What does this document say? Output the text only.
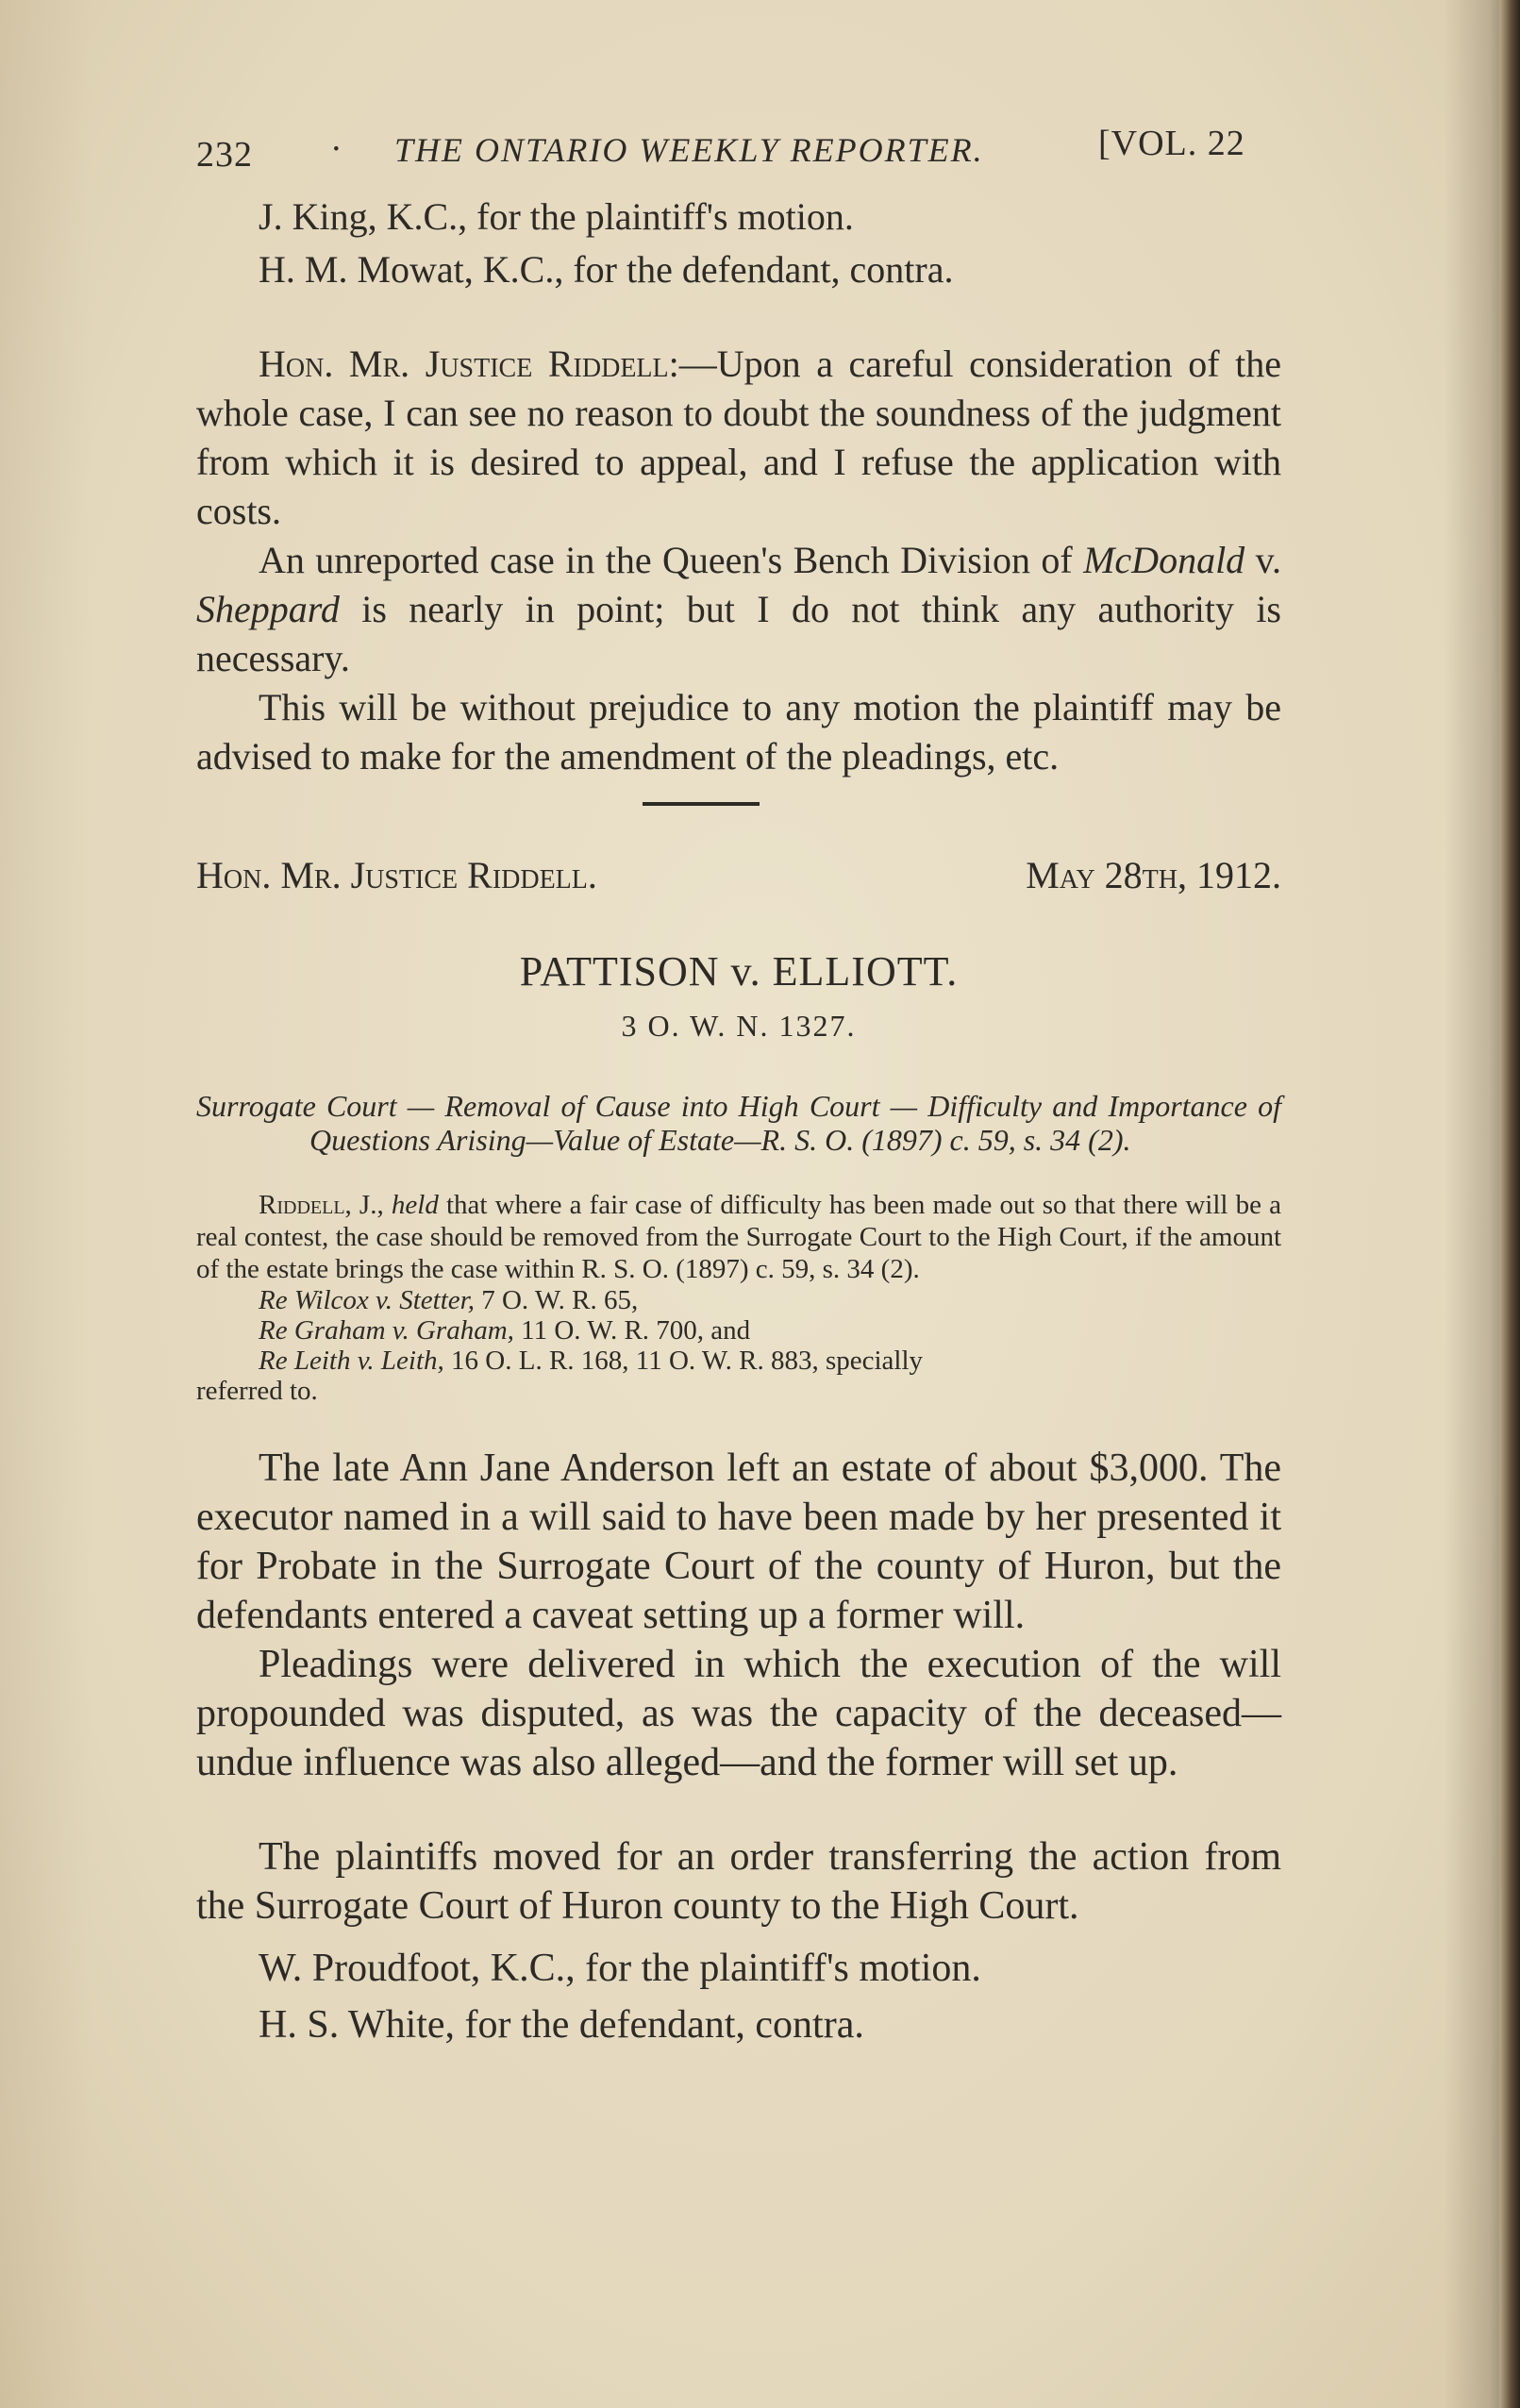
232 · THE ONTARIO WEEKLY REPORTER.	[VOL. 22

J. King, K.C., for the plaintiff's motion.

H. M. Mowat, K.C., for the defendant, contra.

Hon. Mr. Justice Riddell:—Upon a careful consideration of the whole case, I can see no reason to doubt the soundness of the judgment from which it is desired to appeal, and I refuse the application with costs.

An unreported case in the Queen's Bench Division of McDonald v. Sheppard is nearly in point; but I do not think any authority is necessary.

This will be without prejudice to any motion the plaintiff may be advised to make for the amendment of the pleadings, etc.

Hon. Mr. Justice Riddell.	May 28th, 1912.
PATTISON v. ELLIOTT.
3 O. W. N. 1327.

Surrogate Court — Removal of Cause into High Court — Difficulty and Importance of Questions Arising—Value of Estate—R. S. O. (1897) c. 59, s. 34 (2).

Riddell, J., held that where a fair case of difficulty has been made out so that there will be a real contest, the case should be removed from the Surrogate Court to the High Court, if the amount of the estate brings the case within R. S. O. (1897) c. 59, s. 34 (2).

Re Wilcox v. Stetter, 7 O. W. R. 65,

Re Graham v. Graham, 11 O. W. R. 700, and

Re Leith v. Leith, 16 O. L. R. 168, 11 O. W. R. 883, specially

referred to.

The late Ann Jane Anderson left an estate of about $3,000. The executor named in a will said to have been made by her presented it for Probate in the Surrogate Court of the county of Huron, but the defendants entered a caveat setting up a former will.

Pleadings were delivered in which the execution of the will propounded was disputed, as was the capacity of the deceased—undue influence was also alleged—and the former will set up.

The plaintiffs moved for an order transferring the action from the Surrogate Court of Huron county to the High Court.

W. Proudfoot, K.C., for the plaintiff's motion.

H. S. White, for the defendant, contra.
